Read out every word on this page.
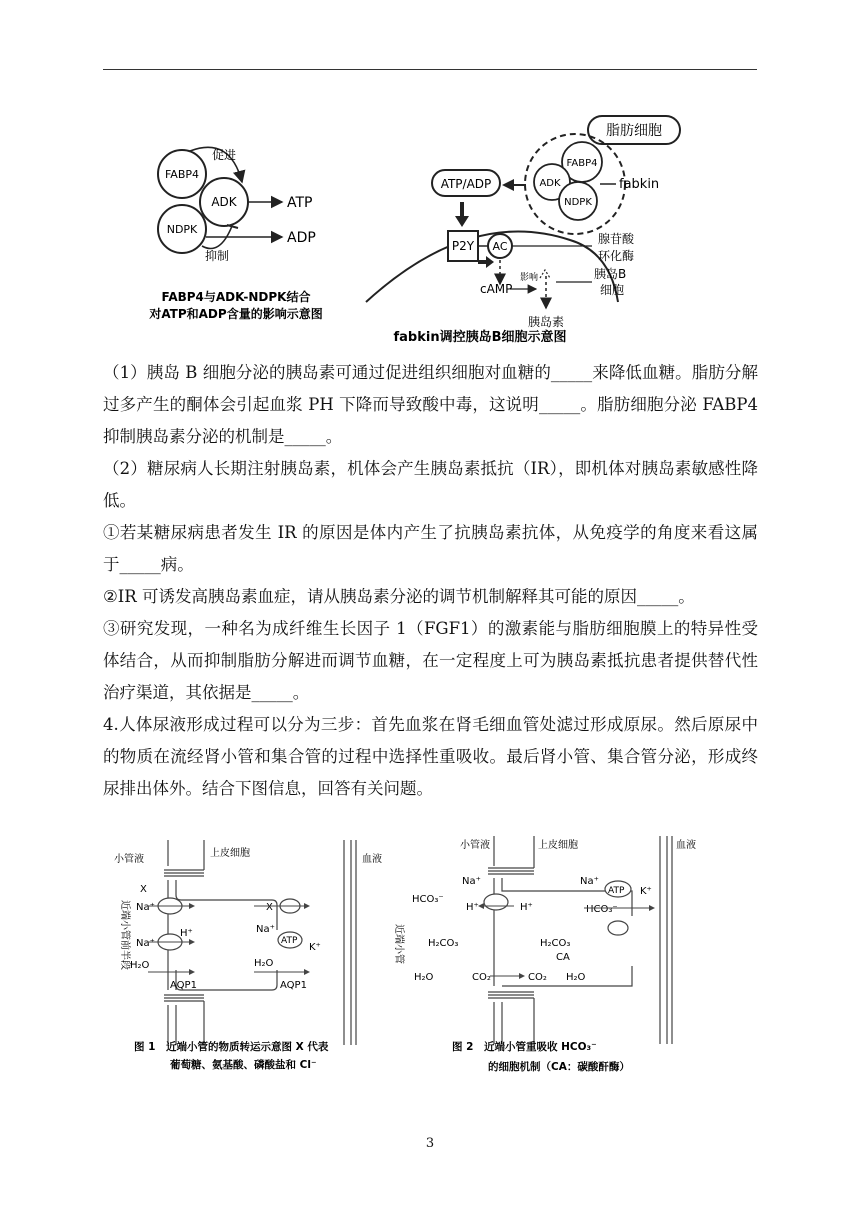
FABP4
ADK
NDPK
促进
抑制
ATP
ADP
FABP4与ADK-NDPK结合
对ATP和ADP含量的影响示意图
脂肪细胞
FABP4
ADK
NDPK
fabkin
ATP/ADP
P2Y AC
腺苷酸
环化酶
影响
cAMP
胰岛素
胰岛B
细胞
fabkin调控胰岛B细胞示意图

（1）胰岛 B 细胞分泌的胰岛素可通过促进组织细胞对血糖的_____来降低血糖。脂肪分解过多产生的酮体会引起血浆 PH 下降而导致酸中毒，这说明_____。脂肪细胞分泌 FABP4 抑制胰岛素分泌的机制是_____。

（2）糖尿病人长期注射胰岛素，机体会产生胰岛素抵抗（IR），即机体对胰岛素敏感性降低。

①若某糖尿病患者发生 IR 的原因是体内产生了抗胰岛素抗体，从免疫学的角度来看这属于_____病。

②IR 可诱发高胰岛素血症，请从胰岛素分泌的调节机制解释其可能的原因_____。

③研究发现，一种名为成纤维生长因子 1（FGF1）的激素能与脂肪细胞膜上的特异性受体结合，从而抑制脂肪分解进而调节血糖，在一定程度上可为胰岛素抵抗患者提供替代性治疗渠道，其依据是_____。

4.人体尿液形成过程可以分为三步：首先血浆在肾毛细血管处滤过形成原尿。然后原尿中的物质在流经肾小管和集合管的过程中选择性重吸收。最后肾小管、集合管分泌，形成终尿排出体外。结合下图信息，回答有关问题。

小管液
上皮细胞
血液
近端小管前半段
X
Na⁺
H⁺
Na⁺
H₂O
AQP1
X
ATP
Na⁺
K⁺
H₂O
AQP1
图 1　近端小管的物质转运示意图 X 代表
葡萄糖、氨基酸、磷酸盐和 Cl⁻
小管液	上皮细胞	血液
近端小管
Na⁺
HCO₃⁻
H⁺	H⁺
H₂CO₃
H₂O	CO₂	CO₂
H₂CO₃
CA
H₂O
Na⁺
ATP K⁺
HCO₃⁻
图 2　近端小管重吸收 HCO₃⁻
的细胞机制（CA：碳酸酐酶）
3
